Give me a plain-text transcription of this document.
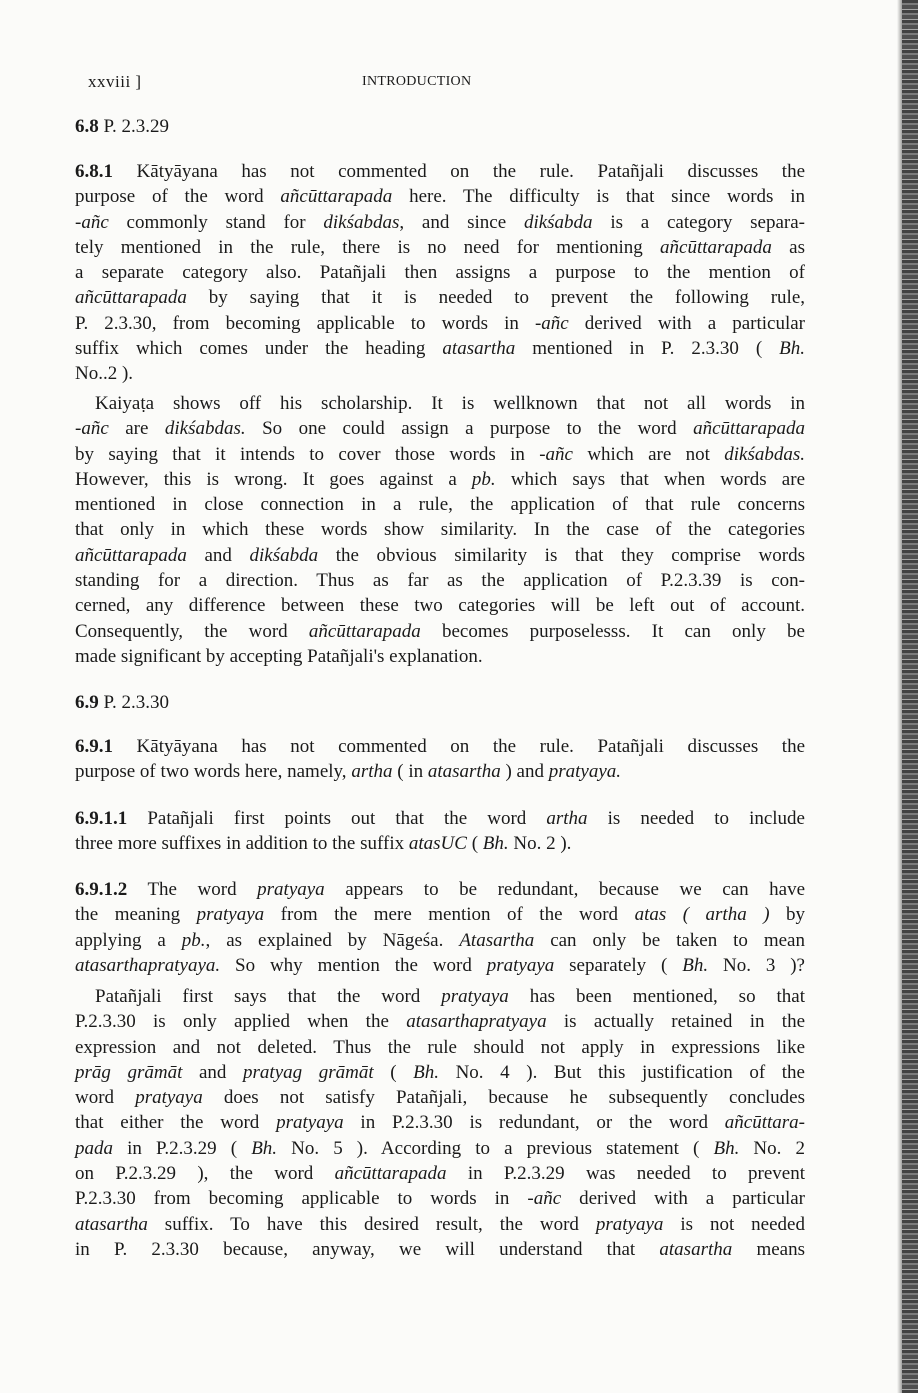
xxviii ]	INTRODUCTION
6.8 P. 2.3.29
6.8.1 Kātyāyana has not commented on the rule. Patañjali discusses the
purpose of the word añcūttarapada here. The difficulty is that since words in
-añc commonly stand for dikśabdas, and since dikśabda is a category separa-
tely mentioned in the rule, there is no need for mentioning añcūttarapada as
a separate category also. Patañjali then assigns a purpose to the mention of
añcūttarapada by saying that it is needed to prevent the following rule,
P. 2.3.30, from becoming applicable to words in -añc derived with a particular
suffix which comes under the heading atasartha mentioned in P. 2.3.30 ( Bh.
No..2 ).
Kaiyaṭa shows off his scholarship. It is wellknown that not all words in
-añc are dikśabdas. So one could assign a purpose to the word añcūttarapada
by saying that it intends to cover those words in -añc which are not dikśabdas.
However, this is wrong. It goes against a pb. which says that when words are
mentioned in close connection in a rule, the application of that rule concerns
that only in which these words show similarity. In the case of the categories
añcūttarapada and dikśabda the obvious similarity is that they comprise words
standing for a direction. Thus as far as the application of P.2.3.39 is con-
cerned, any difference between these two categories will be left out of account.
Consequently, the word añcūttarapada becomes purposelesss. It can only be
made significant by accepting Patañjali's explanation.
6.9 P. 2.3.30
6.9.1 Kātyāyana has not commented on the rule. Patañjali discusses the
purpose of two words here, namely, artha ( in atasartha ) and pratyaya.
6.9.1.1 Patañjali first points out that the word artha is needed to include
three more suffixes in addition to the suffix atasUC ( Bh. No. 2 ).
6.9.1.2 The word pratyaya appears to be redundant, because we can have
the meaning pratyaya from the mere mention of the word atas ( artha ) by
applying a pb., as explained by Nāgeśa. Atasartha can only be taken to mean
atasarthapratyaya. So why mention the word pratyaya separately ( Bh. No. 3 )?
Patañjali first says that the word pratyaya has been mentioned, so that
P.2.3.30 is only applied when the atasarthapratyaya is actually retained in the
expression and not deleted. Thus the rule should not apply in expressions like
prāg grāmāt and pratyag grāmāt ( Bh. No. 4 ). But this justification of the
word pratyaya does not satisfy Patañjali, because he subsequently concludes
that either the word pratyaya in P.2.3.30 is redundant, or the word añcūttara-
pada in P.2.3.29 ( Bh. No. 5 ). According to a previous statement ( Bh. No. 2
on P.2.3.29 ), the word añcūttarapada in P.2.3.29 was needed to prevent
P.2.3.30 from becoming applicable to words in -añc derived with a particular
atasartha suffix. To have this desired result, the word pratyaya is not needed
in P. 2.3.30 because, anyway, we will understand that atasartha means
